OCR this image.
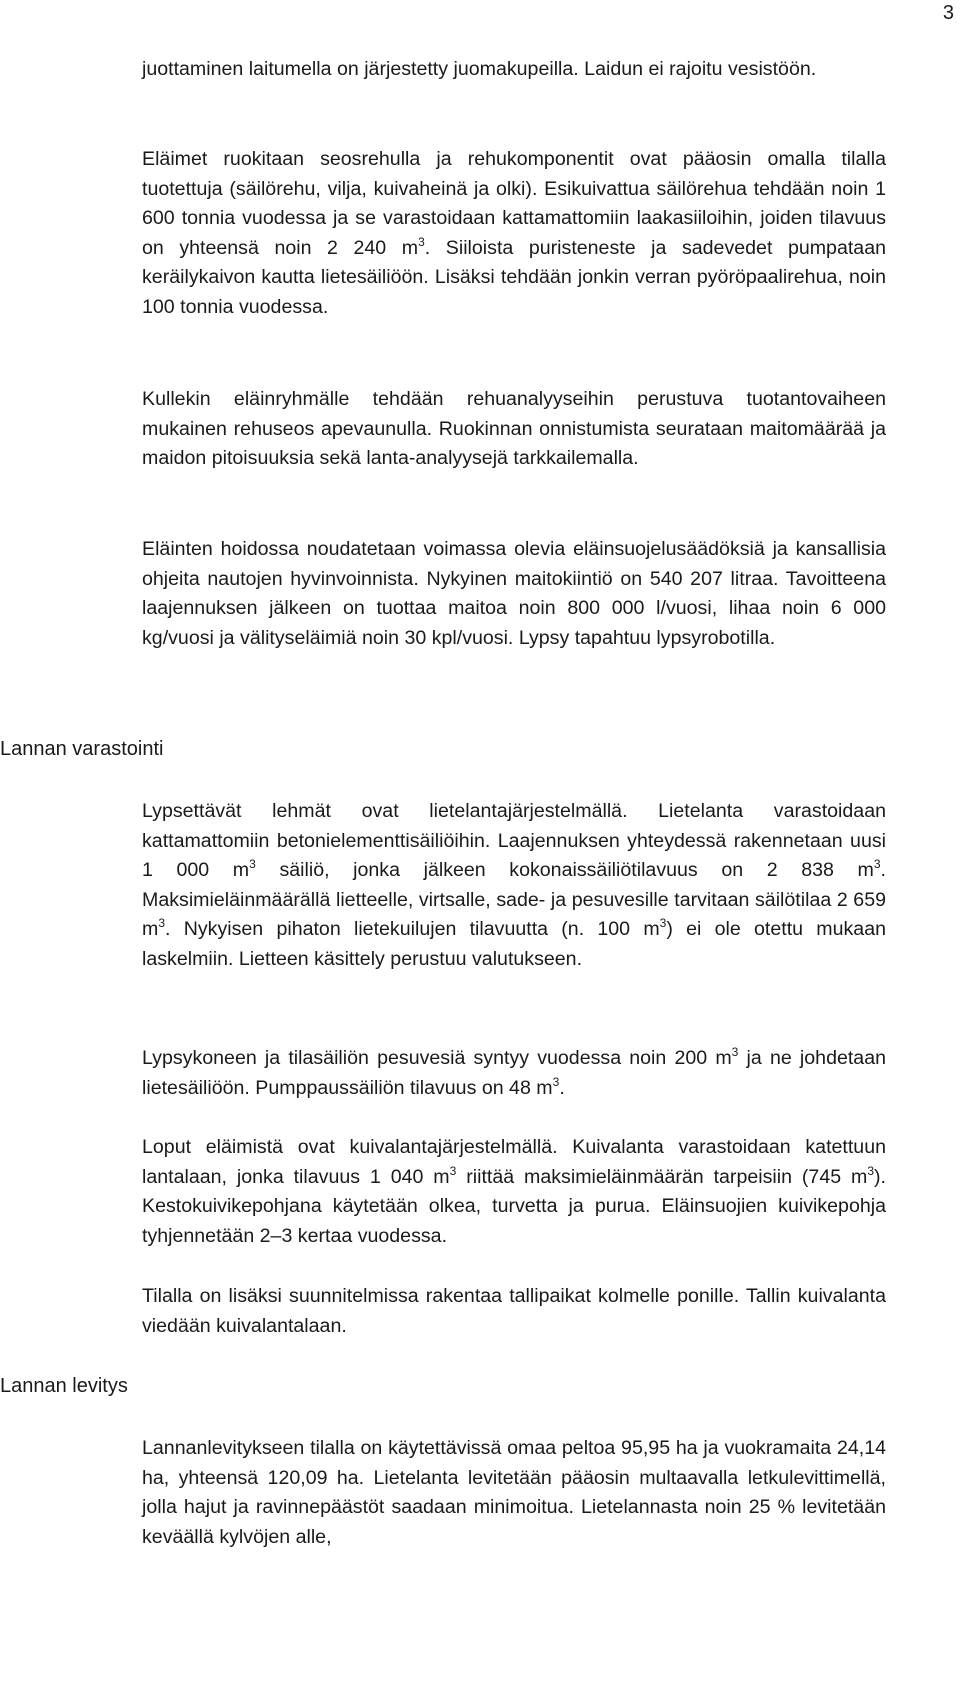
3

juottaminen laitumella on järjestetty juomakupeilla. Laidun ei rajoitu vesistöön.

Eläimet ruokitaan seosrehulla ja rehukomponentit ovat pääosin omalla tilalla tuotettuja (säilörehu, vilja, kuivaheinä ja olki). Esikuivattua säilörehua tehdään noin 1 600 tonnia vuodessa ja se varastoidaan kattamattomiin laakasiiloihin, joiden tilavuus on yhteensä noin 2 240 $m^3$. Siiloista puristeneste ja sadevedet pumpataan keräilykaivon kautta lietesäiliöön. Lisäksi tehdään jonkin verran pyöröpaalirehua, noin 100 tonnia vuodessa.

Kullekin eläinryhmälle tehdään rehuanalyyseihin perustuva tuotantovaiheen mukainen rehuseos apevaunulla. Ruokinnan onnistumista seurataan maitomäärää ja maidon pitoisuuksia sekä lanta-analyysejä tarkkailemalla.

Eläinten hoidossa noudatetaan voimassa olevia eläinsuojelusäädöksiä ja kansallisia ohjeita nautojen hyvinvoinnista. Nykyinen maitokiintiö on 540 207 litraa. Tavoitteena laajennuksen jälkeen on tuottaa maitoa noin 800 000 l/vuosi, lihaa noin 6 000 kg/vuosi ja välityseläimiä noin 30 kpl/vuosi. Lypsy tapahtuu lypsyrobotilla.

Lannan varastointi

Lypsettävät lehmät ovat lietelantajärjestelmällä. Lietelanta varastoidaan kattamattomiin betonielementtisäiliöihin. Laajennuksen yhteydessä rakennetaan uusi 1 000 $m^3$ säiliö, jonka jälkeen kokonaissäiliötilavuus on 2 838 $m^3$. Maksimieläinmäärällä lietteelle, virtsalle, sade- ja pesuvesille tarvitaan säilötilaa 2 659 $m^3$. Nykyisen pihaton lietekuilujen tilavuutta (n. 100 $m^3$) ei ole otettu mukaan laskelmiin. Lietteen käsittely perustuu valutukseen.

Lypsykoneen ja tilasäiliön pesuvesiä syntyy vuodessa noin 200 $m^3$ ja ne johdetaan lietesäiliöön. Pumppaussäiliön tilavuus on 48 $m^3$.

Loput eläimistä ovat kuivalantajärjestelmällä. Kuivalanta varastoidaan katettuun lantalaan, jonka tilavuus 1 040 $m^3$ riittää maksimieläinmäärän tarpeisiin (745 $m^3$). Kestokuivikepohjana käytetään olkea, turvetta ja purua. Eläinsuojien kuivikepohja tyhjennetään 2–3 kertaa vuodessa.

Tilalla on lisäksi suunnitelmissa rakentaa tallipaikat kolmelle ponille. Tallin kuivalanta viedään kuivalantalaan.

Lannan levitys

Lannanlevitykseen tilalla on käytettävissä omaa peltoa 95,95 ha ja vuokramaita 24,14 ha, yhteensä 120,09 ha. Lietelanta levitetään pääosin multaavalla letkulevittimellä, jolla hajut ja ravinnepäästöt saadaan minimoitua. Lietelannasta noin 25 % levitetään keväällä kylvöjen alle,
